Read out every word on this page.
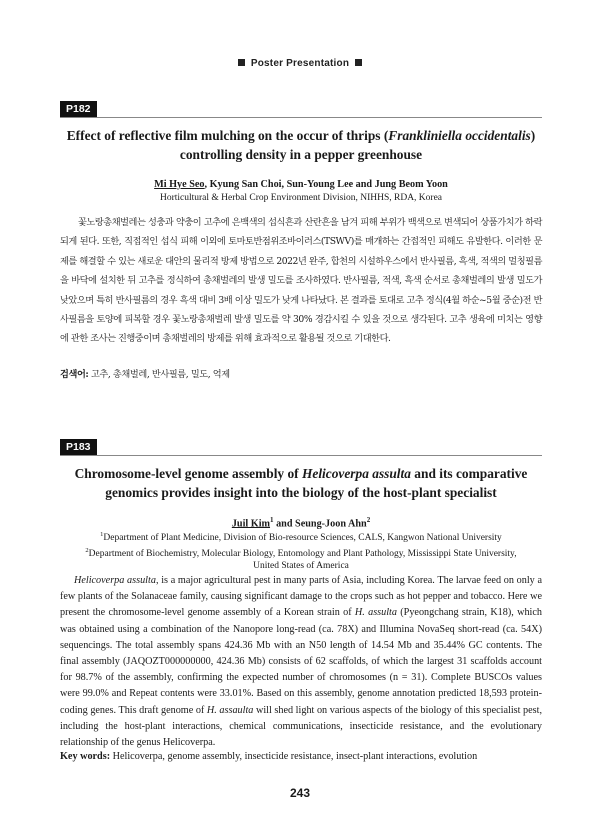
Poster Presentation
P182
Effect of reflective film mulching on the occur of thrips (Frankliniella occidentalis)
controlling density in a pepper greenhouse
Mi Hye Seo, Kyung San Choi, Sun-Young Lee and Jung Beom Yoon
Horticultural & Herbal Crop Environment Division, NIHHS, RDA, Korea
꽃노랑총채벌레는 성충과 약충이 고추에 은백색의 섭식흔과 산란흔을 남겨 피해 부위가 백색으로 변색되어 상품가치가 하락되게 된다. 또한, 직접적인 섭식 피해 이외에 토마토반점위조바이러스(TSWV)를 매개하는 간접적인 피해도 유발한다. 이러한 문제를 해결할 수 있는 새로운 대안의 물리적 방제 방법으로 2022년 완주, 합천의 시설하우스에서 반사필름, 흑색, 적색의 멀칭필름을 바닥에 설치한 뒤 고추를 정식하여 총채벌레의 발생 밀도를 조사하였다. 반사필름, 적색, 흑색 순서로 총채벌레의 발생 밀도가 낮았으며 특히 반사필름의 경우 흑색 대비 3배 이상 밀도가 낮게 나타났다. 본 결과를 토대로 고추 정식(4월 하순~5월 중순)전 반사필름을 토양에 피복할 경우 꽃노랑총채벌레 발생 밀도를 약 30% 경감시킬 수 있을 것으로 생각된다. 고추 생육에 미치는 영향에 관한 조사는 진행중이며 총채벌레의 방제를 위해 효과적으로 활용될 것으로 기대한다.
검색어: 고추, 총채벌레, 반사필름, 밀도, 억제
P183
Chromosome-level genome assembly of Helicoverpa assulta and its comparative
genomics provides insight into the biology of the host-plant specialist
Juil Kim$^1$ and Seung-Joon Ahn$^2$
$^1$Department of Plant Medicine, Division of Bio-resource Sciences, CALS, Kangwon National University
$^2$Department of Biochemistry, Molecular Biology, Entomology and Plant Pathology, Mississippi State University,
United States of America
Helicoverpa assulta, is a major agricultural pest in many parts of Asia, including Korea. The larvae feed on only a few plants of the Solanaceae family, causing significant damage to the crops such as hot pepper and tobacco. Here we present the chromosome-level genome assembly of a Korean strain of H. assulta (Pyeongchang strain, K18), which was obtained using a combination of the Nanopore long-read (ca. 78X) and Illumina NovaSeq short-read (ca. 54X) sequencings. The total assembly spans 424.36 Mb with an N50 length of 14.54 Mb and 35.44% GC contents. The final assembly (JAQOZT000000000, 424.36 Mb) consists of 62 scaffolds, of which the largest 31 scaffolds account for 98.7% of the assembly, confirming the expected number of chromosomes (n = 31). Complete BUSCOs values were 99.0% and Repeat contents were 33.01%. Based on this assembly, genome annotation predicted 18,593 protein-coding genes. This draft genome of H. assaulta will shed light on various aspects of the biology of this specialist pest, including the host-plant interactions, chemical communications, insecticide resistance, and the evolutionary relationship of the genus Helicoverpa.
Key words: Helicoverpa, genome assembly, insecticide resistance, insect-plant interactions, evolution
243
